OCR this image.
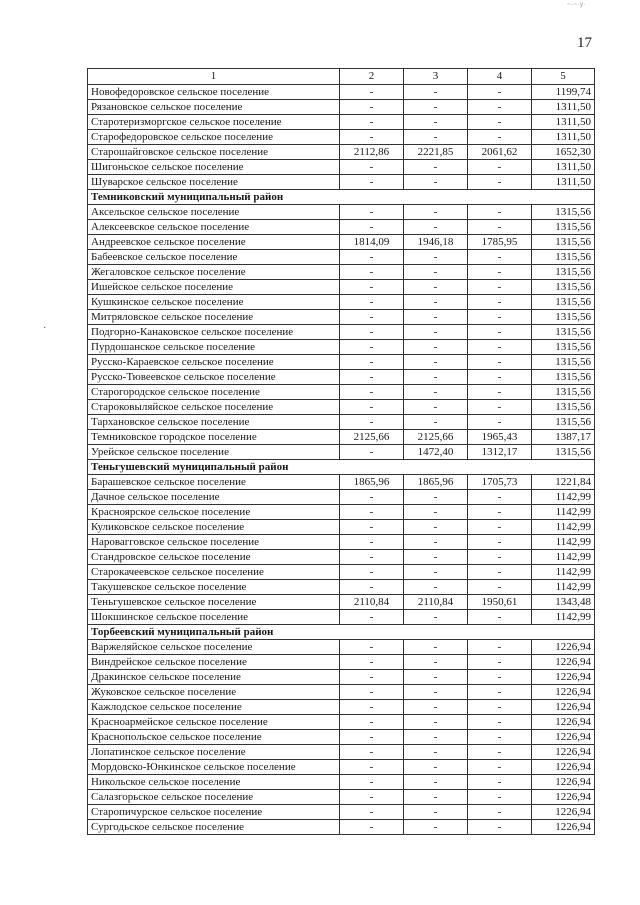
~-~·у·
17
·
1	2	3	4	5
Новофедоровское сельское поселение	-	-	-	1199,74
Рязановское сельское поселение	-	-	-	1311,50
Старотеризморгское сельское поселение	-	-	-	1311,50
Старофедоровское сельское поселение	-	-	-	1311,50
Старошайговское сельское поселение	2112,86	2221,85	2061,62	1652,30
Шигоньское сельское поселение	-	-	-	1311,50
Шуварское сельское поселение	-	-	-	1311,50
Темниковский муниципальный район				
Аксельское сельское поселение	-	-	-	1315,56
Алексеевское сельское поселение	-	-	-	1315,56
Андреевское сельское поселение	1814,09	1946,18	1785,95	1315,56
Бабеевское сельское поселение	-	-	-	1315,56
Жегаловское сельское поселение	-	-	-	1315,56
Ишейское сельское поселение	-	-	-	1315,56
Кушкинское сельское поселение	-	-	-	1315,56
Митряловское сельское поселение	-	-	-	1315,56
Подгорно-Канаковское сельское поселение	-	-	-	1315,56
Пурдошанское сельское поселение	-	-	-	1315,56
Русско-Караевское сельское поселение	-	-	-	1315,56
Русско-Тювеевское сельское поселение	-	-	-	1315,56
Старогородское сельское поселение	-	-	-	1315,56
Староковыляйское сельское поселение	-	-	-	1315,56
Тархановское сельское поселение	-	-	-	1315,56
Темниковское городское поселение	2125,66	2125,66	1965,43	1387,17
Урейское сельское поселение	-	1472,40	1312,17	1315,56
Теньгушевский муниципальный район				
Барашевское сельское поселение	1865,96	1865,96	1705,73	1221,84
Дачное сельское поселение	-	-	-	1142,99
Красноярское сельское поселение	-	-	-	1142,99
Куликовское сельское поселение	-	-	-	1142,99
Наровагговское сельское поселение	-	-	-	1142,99
Стандровское сельское поселение	-	-	-	1142,99
Старокачеевское сельское поселение	-	-	-	1142,99
Такушевское сельское поселение	-	-	-	1142,99
Теньгушевское сельское поселение	2110,84	2110,84	1950,61	1343,48
Шокшинское сельское поселение	-	-	-	1142,99
Торбеевский муниципальный район				
Варжеляйское сельское поселение	-	-	-	1226,94
Виндрейское сельское поселение	-	-	-	1226,94
Дракинское сельское поселение	-	-	-	1226,94
Жуковское сельское поселение	-	-	-	1226,94
Кажлодское сельское поселение	-	-	-	1226,94
Красноармейское сельское поселение	-	-	-	1226,94
Краснопольское сельское поселение	-	-	-	1226,94
Лопатинское сельское поселение	-	-	-	1226,94
Мордовско-Юнкинское сельское поселение	-	-	-	1226,94
Никольское сельское поселение	-	-	-	1226,94
Салазгорьское сельское поселение	-	-	-	1226,94
Старопичурское сельское поселение	-	-	-	1226,94
Сургодьское сельское поселение	-	-	-	1226,94
